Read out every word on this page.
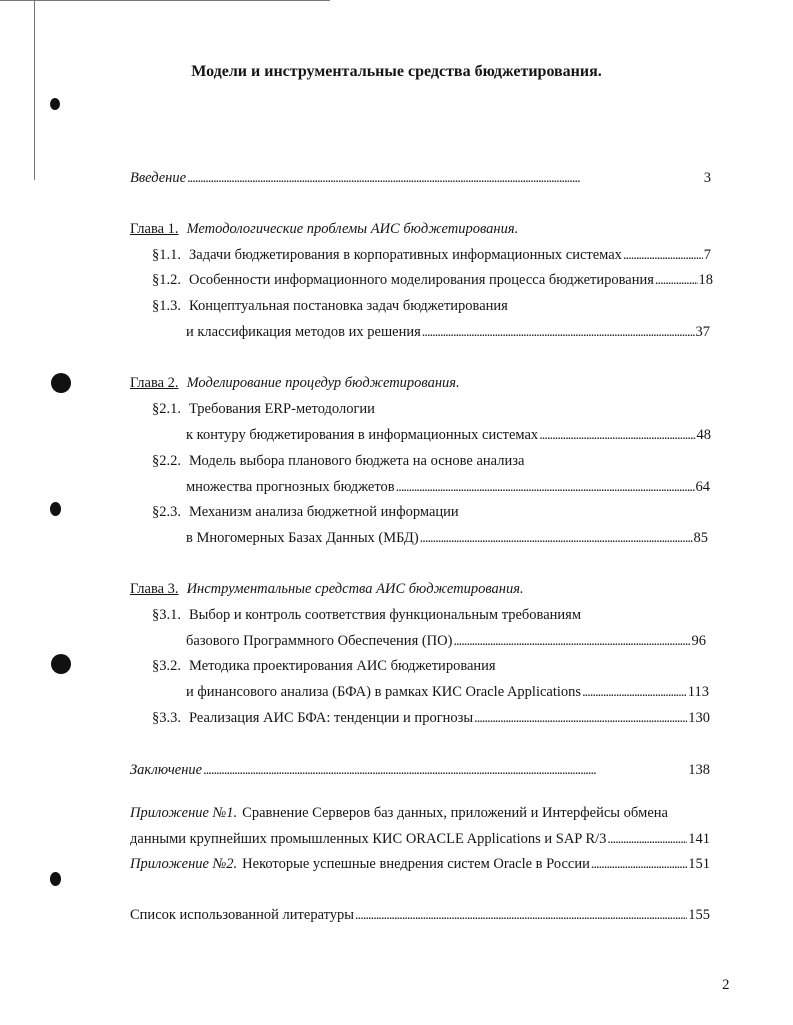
Модели и инструментальные средства бюджетирования.
Введение . . .	3
Глава 1. Методологические проблемы АИС бюджетирования.
§1.1. Задачи бюджетирования в корпоративных информационных системах . . .	7
§1.2. Особенности информационного моделирования процесса бюджетирования . . .	18
§1.3. Концептуальная постановка задач бюджетирования
и классификация методов их решения . . .	37
Глава 2. Моделирование процедур бюджетирования.
§2.1. Требования ERP-методологии
к контуру бюджетирования в информационных системах . . .	48
§2.2. Модель выбора планового бюджета на основе анализа
множества прогнозных бюджетов . . .	64
§2.3. Механизм анализа бюджетной информации
в Многомерных Базах Данных (МБД) . . .	85
Глава 3. Инструментальные средства АИС бюджетирования.
§3.1. Выбор и контроль соответствия функциональным требованиям
базового Программного Обеспечения (ПО) . . .	96
§3.2. Методика проектирования АИС бюджетирования
и финансового анализа (БФА) в рамках КИС Oracle Applications . . .	113
§3.3. Реализация АИС БФА: тенденции и прогнозы . . .	130
Заключение . . .	138
Приложение №1. Сравнение Серверов баз данных, приложений и Интерфейсы обмена
данными крупнейших промышленных КИС ORACLE Applications и SAP R/3 . . .	141
Приложение №2. Некоторые успешные внедрения систем Oracle в России . . .	151
Список использованной литературы . . .	155
2
